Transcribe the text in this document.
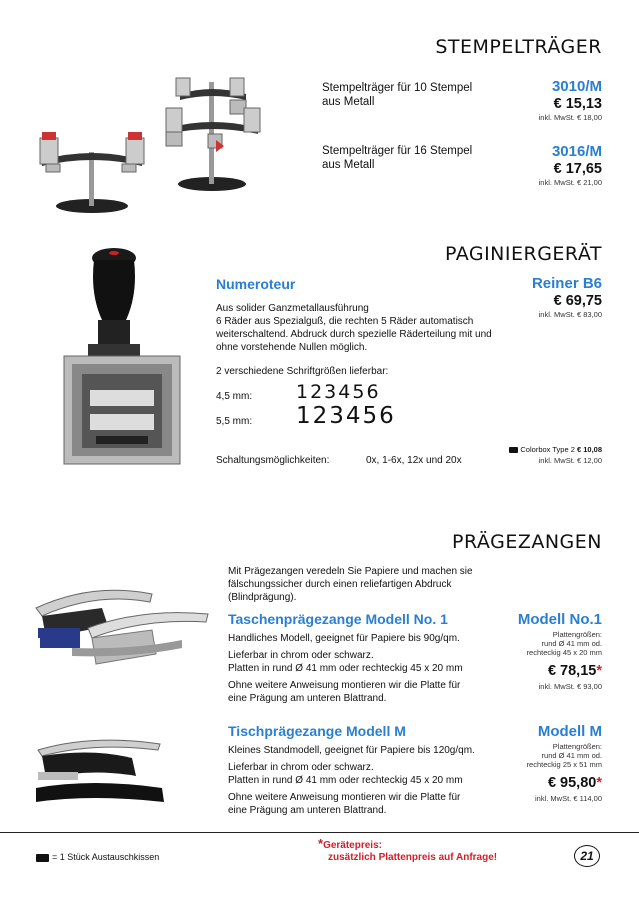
STEMPELTRÄGER
Stempelträger für 10 Stempel
aus Metall
3010/M
€ 15,13
inkl. MwSt. € 18,00
Stempelträger für 16 Stempel
aus Metall
3016/M
€ 17,65
inkl. MwSt. € 21,00
PAGINIERGERÄT
Numeroteur	Reiner B6
€ 69,75
inkl. MwSt. € 83,00
Aus solider Ganzmetallausführung
6 Räder aus Spezialguß, die rechten 5 Räder automatisch
weiterschaltend. Abdruck durch spezielle Räderteilung mit und
ohne vorstehende Nullen möglich.
2 verschiedene Schriftgrößen lieferbar:
4,5 mm: 123456
5,5 mm: 123456
Colorbox Type 2 € 10,08
inkl. MwSt. € 12,00
Schaltungsmöglichkeiten:	0x, 1-6x, 12x und 20x
PRÄGEZANGEN
Mit Prägezangen veredeln Sie Papiere und machen sie
fälschungssicher durch einen reliefartigen Abdruck
(Blindprägung).
Taschenprägezange Modell No. 1
Handliches Modell, geeignet für Papiere bis 90g/qm.
Lieferbar in chrom oder schwarz.
Platten in rund Ø 41 mm oder rechteckig 45 x 20 mm
Ohne weitere Anweisung montieren wir die Platte für
eine Prägung am unteren Blattrand.
Modell No.1
Plattengrößen:
rund Ø 41 mm od.
rechteckig 45 x 20 mm
€ 78,15*
inkl. MwSt. € 93,00
Tischprägezange Modell M
Kleines Standmodell, geeignet für Papiere bis 120g/qm.
Lieferbar in chrom oder schwarz.
Platten in rund Ø 41 mm oder rechteckig 45 x 20 mm
Ohne weitere Anweisung montieren wir die Platte für
eine Prägung am unteren Blattrand.
Modell M
Plattengrößen:
rund Ø 41 mm od.
rechteckig 25 x 51 mm
€ 95,80*
inkl. MwSt. € 114,00
= 1 Stück Austauschkissen
*Gerätepreis:
zusätzlich Plattenpreis auf Anfrage!	21
